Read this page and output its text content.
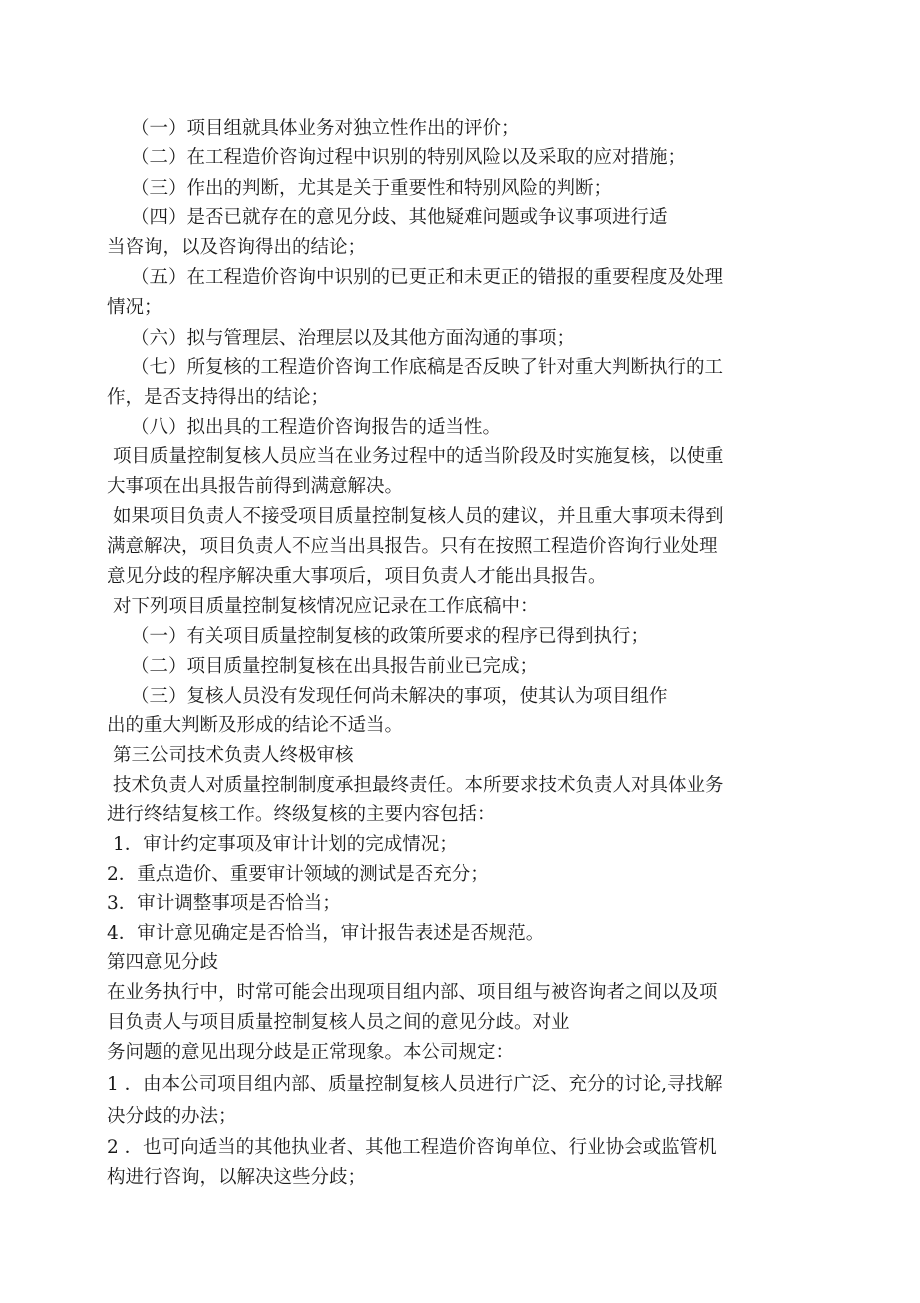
（一）项目组就具体业务对独立性作出的评价；
（二）在工程造价咨询过程中识别的特别风险以及采取的应对措施；
（三）作出的判断，尤其是关于重要性和特别风险的判断；
（四）是否已就存在的意见分歧、其他疑难问题或争议事项进行适
当咨询，以及咨询得出的结论；
（五）在工程造价咨询中识别的已更正和未更正的错报的重要程度及处理
情况；
（六）拟与管理层、治理层以及其他方面沟通的事项；
（七）所复核的工程造价咨询工作底稿是否反映了针对重大判断执行的工
作，是否支持得出的结论；
（八）拟出具的工程造价咨询报告的适当性。
项目质量控制复核人员应当在业务过程中的适当阶段及时实施复核，以使重
大事项在出具报告前得到满意解决。
如果项目负责人不接受项目质量控制复核人员的建议，并且重大事项未得到
满意解决，项目负责人不应当出具报告。只有在按照工程造价咨询行业处理
意见分歧的程序解决重大事项后，项目负责人才能出具报告。
对下列项目质量控制复核情况应记录在工作底稿中：
（一）有关项目质量控制复核的政策所要求的程序已得到执行；
（二）项目质量控制复核在出具报告前业已完成；
（三）复核人员没有发现任何尚未解决的事项，使其认为项目组作
出的重大判断及形成的结论不适当。
第三公司技术负责人终极审核
技术负责人对质量控制制度承担最终责任。本所要求技术负责人对具体业务
进行终结复核工作。终级复核的主要内容包括：
1．审计约定事项及审计计划的完成情况；
2．重点造价、重要审计领域的测试是否充分；
3．审计调整事项是否恰当；
4．审计意见确定是否恰当，审计报告表述是否规范。
第四意见分歧
在业务执行中，时常可能会出现项目组内部、项目组与被咨询者之间以及项
目负责人与项目质量控制复核人员之间的意见分歧。对业
务问题的意见出现分歧是正常现象。本公司规定：
1 ．由本公司项目组内部、质量控制复核人员进行广泛、充分的讨论,寻找解
决分歧的办法；
2 ．也可向适当的其他执业者、其他工程造价咨询单位、行业协会或监管机
构进行咨询，以解决这些分歧；
